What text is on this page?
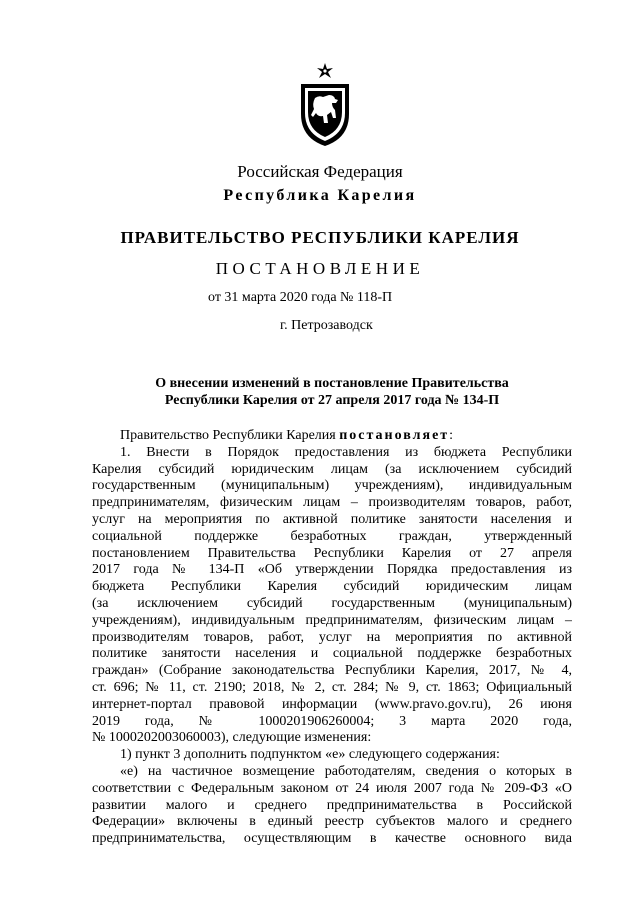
Российская Федерация
Республика Карелия
ПРАВИТЕЛЬСТВО РЕСПУБЛИКИ КАРЕЛИЯ
ПОСТАНОВЛЕНИЕ
от 31 марта 2020 года № 118-П
г. Петрозаводск
О внесении изменений в постановление Правительства
Республики Карелия от 27 апреля 2017 года № 134-П
Правительство Республики Карелия постановляет:
1. Внести в Порядок предоставления из бюджета Республики
Карелия субсидий юридическим лицам (за исключением субсидий
государственным (муниципальным) учреждениям), индивидуальным
предпринимателям, физическим лицам – производителям товаров, работ,
услуг на мероприятия по активной политике занятости населения и
социальной поддержке безработных граждан, утвержденный
постановлением Правительства Республики Карелия от 27 апреля
2017 года № 134-П «Об утверждении Порядка предоставления из
бюджета Республики Карелия субсидий юридическим лицам
(за исключением субсидий государственным (муниципальным)
учреждениям), индивидуальным предпринимателям, физическим лицам –
производителям товаров, работ, услуг на мероприятия по активной
политике занятости населения и социальной поддержке безработных
граждан» (Собрание законодательства Республики Карелия, 2017, № 4,
ст. 696; № 11, ст. 2190; 2018, № 2, ст. 284; № 9, ст. 1863; Официальный
интернет-портал правовой информации (www.pravo.gov.ru), 26 июня
2019 года, № 1000201906260004; 3 марта 2020 года,
№ 1000202003060003), следующие изменения:
1) пункт 3 дополнить подпунктом «е» следующего содержания:
«е) на частичное возмещение работодателям, сведения о которых в
соответствии с Федеральным законом от 24 июля 2007 года № 209-ФЗ «О
развитии малого и среднего предпринимательства в Российской
Федерации» включены в единый реестр субъектов малого и среднего
предпринимательства, осуществляющим в качестве основного вида
